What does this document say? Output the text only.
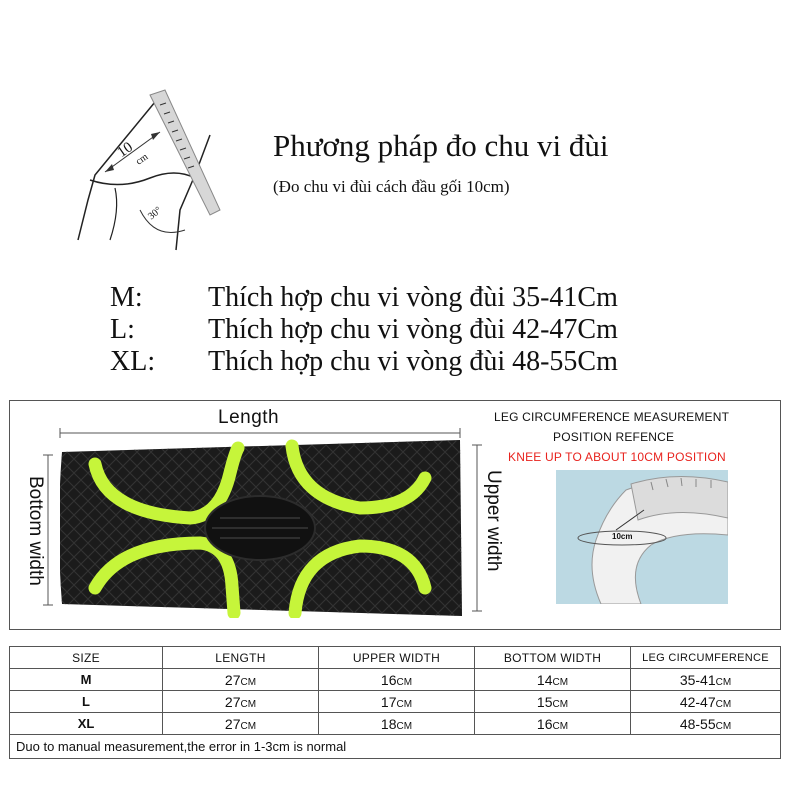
10
cm
30°
Phương pháp đo chu vi đùi
(Đo chu vi đùi cách đầu gối 10cm)
M: Thích hợp chu vi vòng đùi 35-41Cm
L:	Thích hợp chu vi vòng đùi 42-47Cm
XL: Thích hợp chu vi vòng đùi 48-55Cm
Length
Bottom width	Upper width
LEG CIRCUMFERENCE MEASUREMENT
POSITION REFENCE
KNEE UP TO ABOUT 10CM POSITION
10cm
SIZE	LENGTH	UPPER WIDTH	BOTTOM WIDTH	LEG CIRCUMFERENCE
M	27CM	16CM	14CM	35-41CM
L	27CM	17CM	15CM	42-47CM
XL	27CM	18CM	16CM	48-55CM
Duo to manual measurement,the error in 1-3cm is normal				
